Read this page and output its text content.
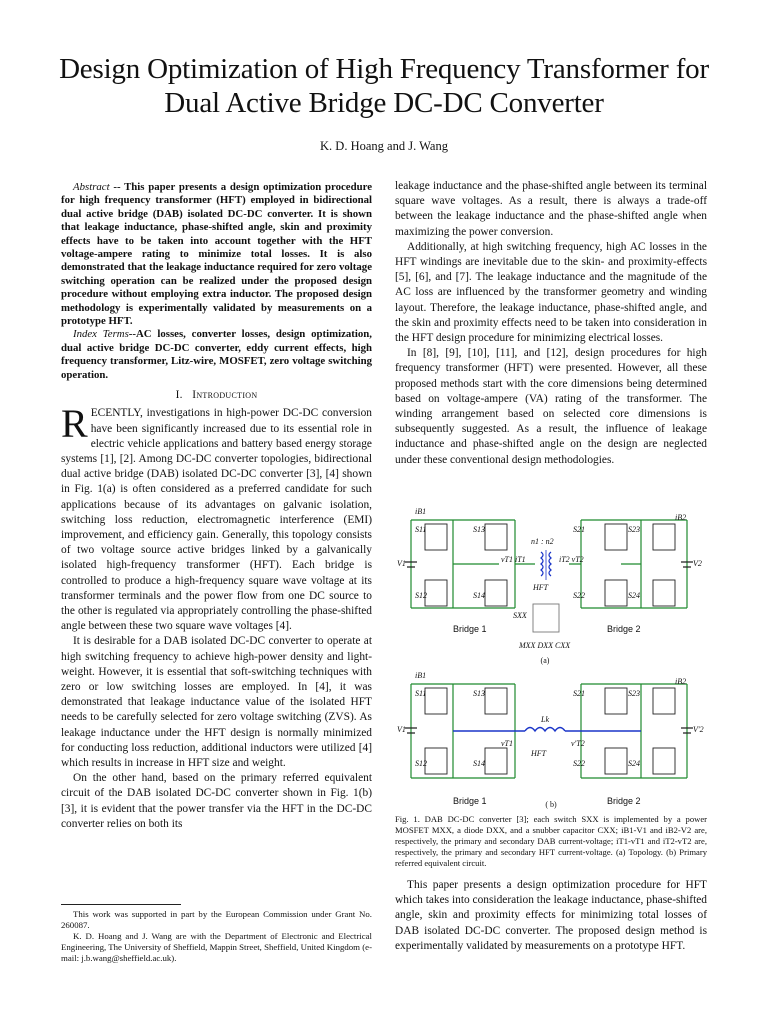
Design Optimization of High Frequency Transformer for Dual Active Bridge DC-DC Converter
K. D. Hoang and J. Wang

Abstract -- This paper presents a design optimization procedure for high frequency transformer (HFT) employed in bidirectional dual active bridge (DAB) isolated DC-DC converter. It is shown that leakage inductance, phase-shifted angle, skin and proximity effects have to be taken into account together with the HFT voltage-ampere rating to minimize total losses. It is also demonstrated that the leakage inductance required for zero voltage switching operation can be realized under the proposed design procedure without employing extra inductor. The proposed design methodology is experimentally validated by measurements on a prototype HFT.

Index Terms--AC losses, converter losses, design optimization, dual active bridge DC-DC converter, eddy current effects, high frequency transformer, Litz-wire, MOSFET, zero voltage switching operation.

I. Introduction

RECENTLY, investigations in high-power DC-DC conversion have been significantly increased due to its essential role in electric vehicle applications and battery based energy storage systems [1], [2]. Among DC-DC converter topologies, bidirectional dual active bridge (DAB) isolated DC-DC converter [3], [4] shown in Fig. 1(a) is often considered as a preferred candidate for such applications because of its advantages on galvanic isolation, switching loss reduction, electromagnetic interference (EMI) improvement, and efficiency gain. Generally, this topology consists of two voltage source active bridges linked by a galvanically isolated high-frequency transformer (HFT). Each bridge is controlled to produce a high-frequency square wave voltage at its transformer terminals and the power flow from one DC source to the other is regulated via appropriately controlling the phase-shifted angle between these two square wave voltages [4].

It is desirable for a DAB isolated DC-DC converter to operate at high switching frequency to achieve high-power density and light-weight. However, it is essential that soft-switching techniques with zero or low switching losses are employed. In [4], it was demonstrated that leakage inductance value of the isolated HFT needs to be carefully selected for zero voltage switching (ZVS). As leakage inductance under the HFT design is normally minimized for conducting loss reduction, additional inductors were utilized [4] which results in increase in HFT size and weight.

On the other hand, based on the primary referred equivalent circuit of the DAB isolated DC-DC converter shown in Fig. 1(b) [3], it is evident that the power transfer via the HFT in the DC-DC converter relies on both its

leakage inductance and the phase-shifted angle between its terminal square wave voltages. As a result, there is always a trade-off between the leakage inductance and the phase-shifted angle when maximizing the power conversion.

Additionally, at high switching frequency, high AC losses in the HFT windings are inevitable due to the skin- and proximity-effects [5], [6], and [7]. The leakage inductance and the magnitude of the AC loss are influenced by the transformer geometry and winding layout. Therefore, the leakage inductance, phase-shifted angle, and the skin and proximity effects need to be taken into consideration in the HFT design procedure for minimizing electrical losses.

In [8], [9], [10], [11], and [12], design procedures for high frequency transformer (HFT) were presented. However, all these proposed methods start with the core dimensions being determined based on voltage-ampere (VA) rating of the transformer. The winding arrangement based on selected core dimensions is subsequently suggested. As a result, the influence of leakage inductance and phase-shifted angle on the design are neglected under these conventional design methodologies.

S11	S13	S21	S23
S12	S14	S22	S24
V1	V2
iB1
iB2
vT1 iT1	iT2 vT2
n1 : n2
HFT
SXX
MXX DXX CXX
Bridge 1	Bridge 2
(a)
S11	S13	S21	S23
S12	S14	S22	S24
V1	V'2
iB1
iB2
Lk
vT1	v'T2
HFT
Bridge 1	Bridge 2
( b)
Fig. 1. DAB DC-DC converter [3]; each switch SXX is implemented by a power MOSFET MXX, a diode DXX, and a snubber capacitor CXX; iB1-V1 and iB2-V2 are, respectively, the primary and secondary DAB current-voltage; iT1-vT1 and iT2-vT2 are, respectively, the primary and secondary HFT current-voltage. (a) Topology. (b) Primary referred equivalent circuit.

This paper presents a design optimization procedure for HFT which takes into consideration the leakage inductance, phase-shifted angle, skin and proximity effects for minimizing total losses of DAB isolated DC-DC converter. The proposed design method is experimentally validated by measurements on a prototype HFT.

This work was supported in part by the European Commission under Grant No. 260087.

K. D. Hoang and J. Wang are with the Department of Electronic and Electrical Engineering, The University of Sheffield, Mappin Street, Sheffield, United Kingdom (e-mail: j.b.wang@sheffield.ac.uk).
